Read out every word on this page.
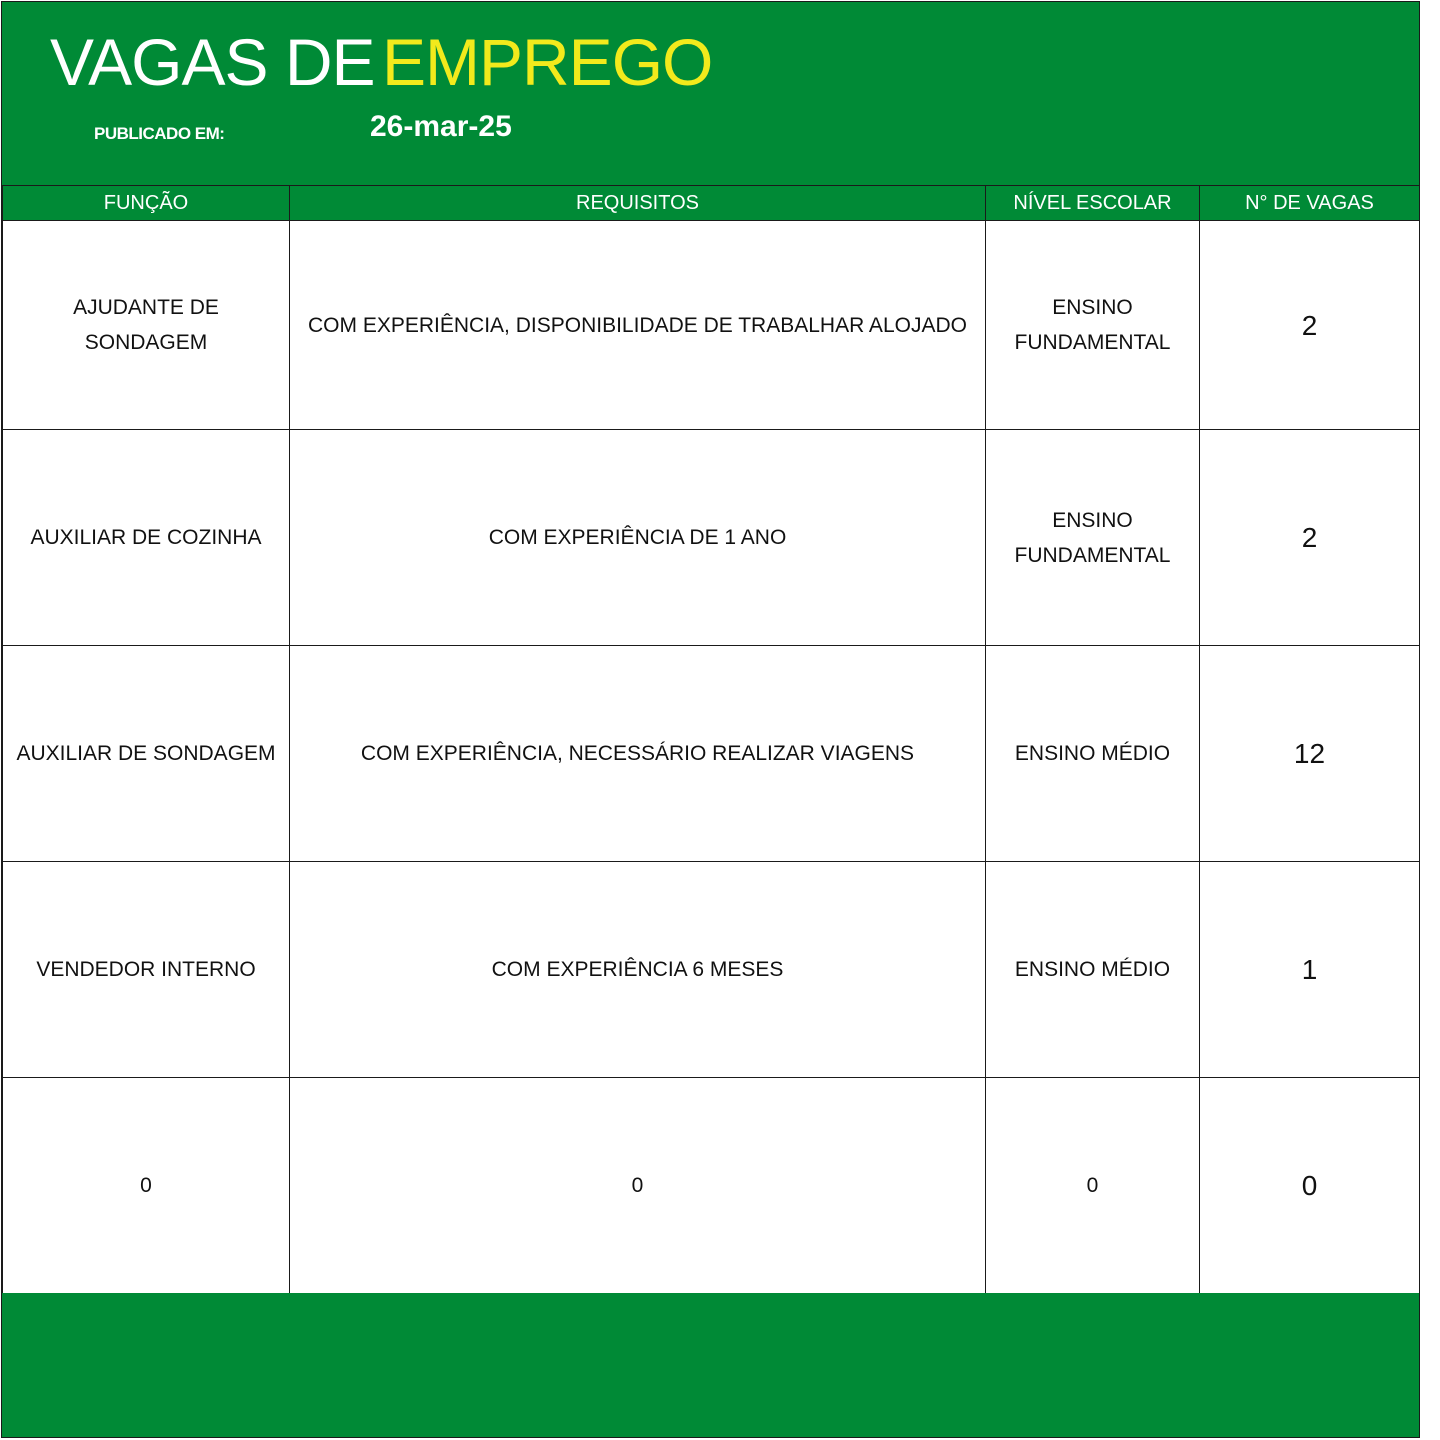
VAGAS DE EMPREGO
PUBLICADO EM:	26-mar-25
FUNÇÃO	REQUISITOS	NÍVEL ESCOLAR	N° DE VAGAS
AJUDANTE DE SONDAGEM	COM EXPERIÊNCIA, DISPONIBILIDADE DE TRABALHAR ALOJADO	ENSINO FUNDAMENTAL	2
AUXILIAR DE COZINHA	COM EXPERIÊNCIA DE 1 ANO	ENSINO FUNDAMENTAL	2
AUXILIAR DE SONDAGEM	COM EXPERIÊNCIA, NECESSÁRIO REALIZAR VIAGENS	ENSINO MÉDIO	12
VENDEDOR INTERNO	COM EXPERIÊNCIA 6 MESES	ENSINO MÉDIO	1
0	0	0	0
